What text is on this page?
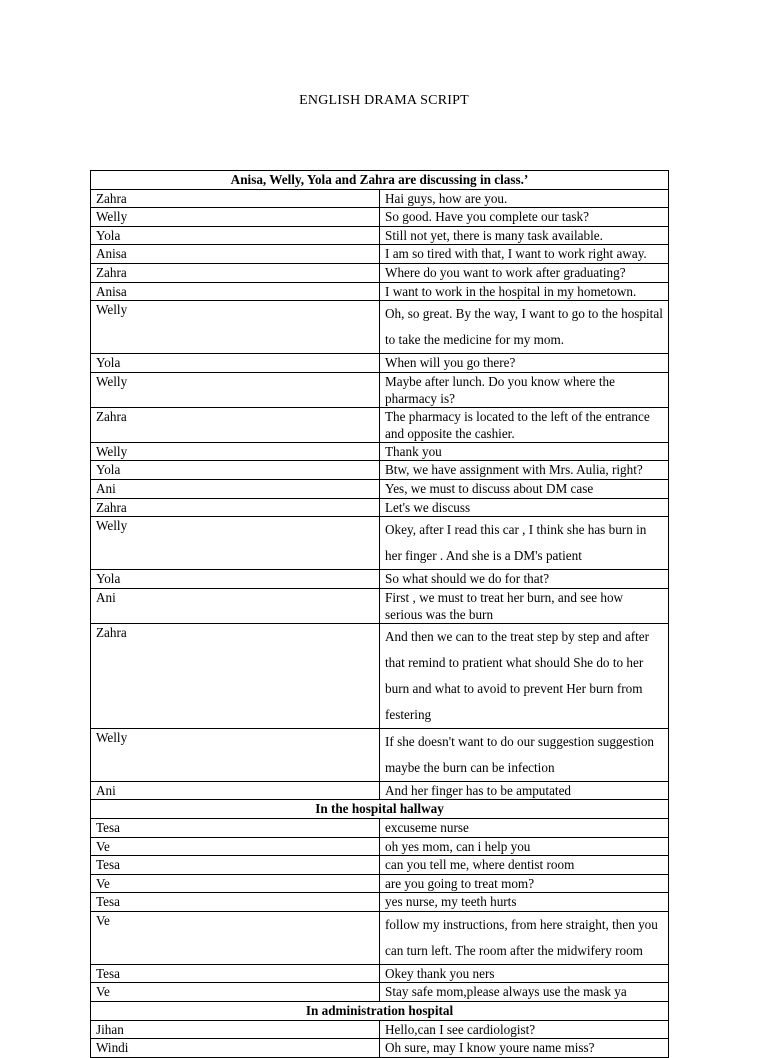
ENGLISH DRAMA SCRIPT
Anisa, Welly, Yola and Zahra are discussing in class.’	
Zahra	Hai guys, how are you.
Welly	So good. Have you complete our task?
Yola	Still not yet, there is many task available.
Anisa	I am so tired with that, I want to work right away.
Zahra	Where do you want to work after graduating?
Anisa	I want to work in the hospital in my hometown.
Welly	Oh, so great. By the way, I want to go to the hospital to take the medicine for my mom.
Yola	When will you go there?
Welly	Maybe after lunch. Do you know where the pharmacy is?
Zahra	The pharmacy is located to the left of the entrance and opposite the cashier.
Welly	Thank you
Yola	Btw, we have assignment with Mrs. Aulia, right?
Ani	Yes, we must to discuss about DM case
Zahra	Let's we discuss
Welly	Okey, after I read this car , I think she has burn in her finger . And she is a DM's patient
Yola	So what should we do for that?
Ani	First , we must to treat her burn, and see how serious was the burn
Zahra	And then we can to the treat step by step and after that remind to pratient what should She do to her burn and what to avoid to prevent Her burn from festering
Welly	If she doesn't want to do our suggestion suggestion maybe the burn can be infection
Ani	And her finger has to be amputated
In the hospital hallway	
Tesa	excuseme nurse
Ve	oh yes mom, can i help you
Tesa	can you tell me, where dentist room
Ve	are you going to treat mom?
Tesa	yes nurse, my teeth hurts
Ve	follow my instructions, from here straight, then you can turn left. The room after the midwifery room
Tesa	Okey thank you ners
Ve	Stay safe mom,please always use the mask ya
In administration hospital	
Jihan	Hello,can I see cardiologist?
Windi	Oh sure, may I know youre name miss?
